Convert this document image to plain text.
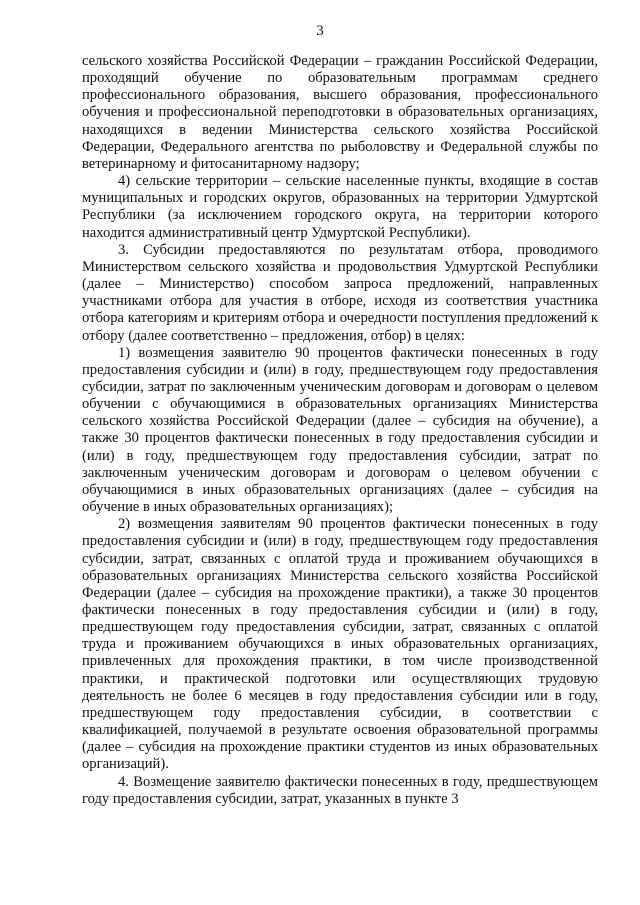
3

сельского хозяйства Российской Федерации – гражданин Российской Федерации, проходящий обучение по образовательным программам среднего профессионального образования, высшего образования, профессионального обучения и профессиональной переподготовки в образовательных организациях, находящихся в ведении Министерства сельского хозяйства Российской Федерации, Федерального агентства по рыболовству и Федеральной службы по ветеринарному и фитосанитарному надзору;

4) сельские территории – сельские населенные пункты, входящие в состав муниципальных и городских округов, образованных на территории Удмуртской Республики (за исключением городского округа, на территории которого находится административный центр Удмуртской Республики).

3. Субсидии предоставляются по результатам отбора, проводимого Министерством сельского хозяйства и продовольствия Удмуртской Республики (далее – Министерство) способом запроса предложений, направленных участниками отбора для участия в отборе, исходя из соответствия участника отбора категориям и критериям отбора и очередности поступления предложений к отбору (далее соответственно – предложения, отбор) в целях:

1) возмещения заявителю 90 процентов фактически понесенных в году предоставления субсидии и (или) в году, предшествующем году предоставления субсидии, затрат по заключенным ученическим договорам и договорам о целевом обучении с обучающимися в образовательных организациях Министерства сельского хозяйства Российской Федерации (далее – субсидия на обучение), а также 30 процентов фактически понесенных в году предоставления субсидии и (или) в году, предшествующем году предоставления субсидии, затрат по заключенным ученическим договорам и договорам о целевом обучении с обучающимися в иных образовательных организациях (далее – субсидия на обучение в иных образовательных организациях);

2) возмещения заявителям 90 процентов фактически понесенных в году предоставления субсидии и (или) в году, предшествующем году предоставления субсидии, затрат, связанных с оплатой труда и проживанием обучающихся в образовательных организациях Министерства сельского хозяйства Российской Федерации (далее – субсидия на прохождение практики), а также 30 процентов фактически понесенных в году предоставления субсидии и (или) в году, предшествующем году предоставления субсидии, затрат, связанных с оплатой труда и проживанием обучающихся в иных образовательных организациях, привлеченных для прохождения практики, в том числе производственной практики, и практической подготовки или осуществляющих трудовую деятельность не более 6 месяцев в году предоставления субсидии или в году, предшествующем году предоставления субсидии, в соответствии с квалификацией, получаемой в результате освоения образовательной программы (далее – субсидия на прохождение практики студентов из иных образовательных организаций).

4. Возмещение заявителю фактически понесенных в году, предшествующем году предоставления субсидии, затрат, указанных в пункте 3
